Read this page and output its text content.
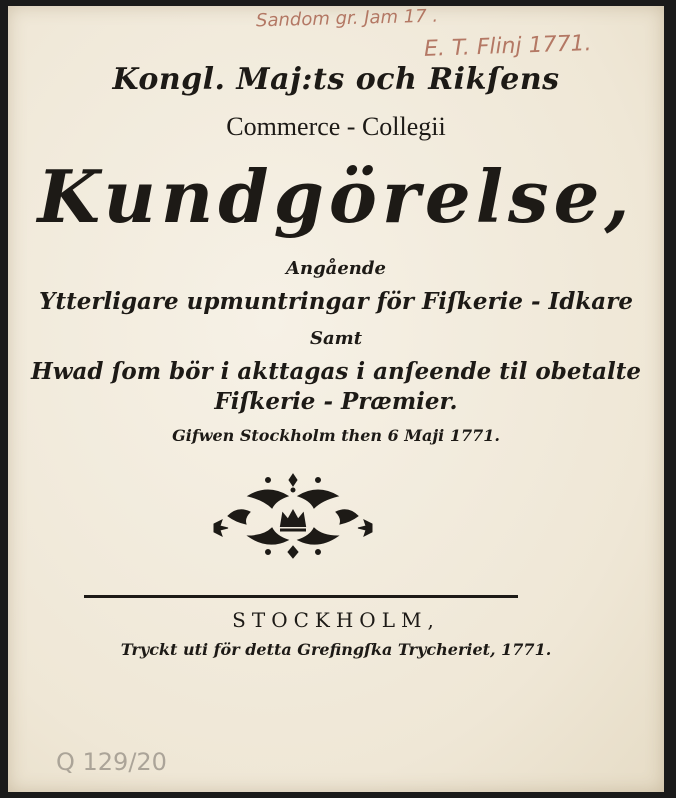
Sandom gr. Jam 17 .
E. T. Flinj 1771.
Kongl. Maj:ts och Rikſens
Commerce - Collegii
Kundgörelse,
Angående
Ytterligare upmuntringar för Fiſkerie - Idkare
Samt
Hwad ſom bör i akttagas i anſeende til obetalte
Fiſkerie - Præmier.
Gifwen Stockholm then 6 Maji 1771.
STOCKHOLM,
Tryckt uti för detta Grefingſka Trycheriet, 1771.
Q 129/20
